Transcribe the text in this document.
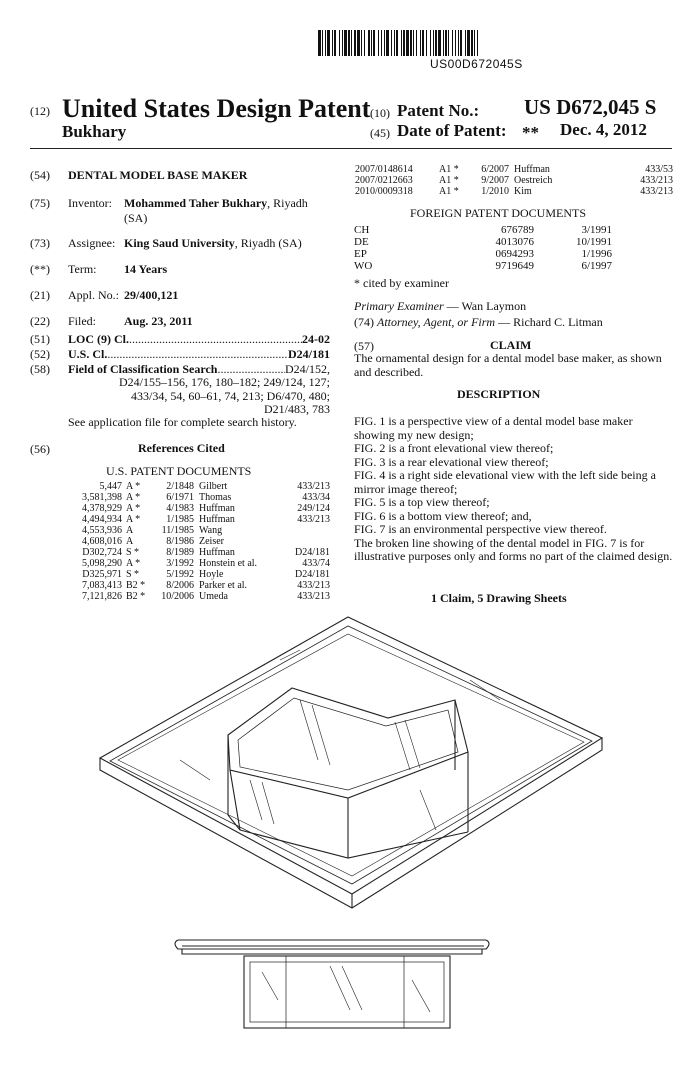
US00D672045S
(12) United States Design Patent
Bukhary
(10) Patent No.: US D672,045 S
(45) Date of Patent: ** Dec. 4, 2012
(54) DENTAL MODEL BASE MAKER
(75) Inventor: Mohammed Taher Bukhary, Riyadh
(SA)
(73) Assignee: King Saud University, Riyadh (SA)
(**) Term: 14 Years
(21) Appl. No.: 29/400,121
(22) Filed: Aug. 23, 2011
(51) LOC (9) Cl. .....	24-02
(52) U.S. Cl. .....	D24/181
(58) Field of Classification Search .....	D24/152,
D24/155–156, 176, 180–182; 249/124, 127;
433/34, 54, 60–61, 74, 213; D6/470, 480;
D21/483, 783
See application file for complete search history.
(56)	References Cited
U.S. PATENT DOCUMENTS
5,447 A *	2/1848 Gilbert	433/213
3,581,398 A *	6/1971 Thomas	433/34
4,378,929 A *	4/1983 Huffman	249/124
4,494,934 A *	1/1985 Huffman	433/213
4,553,936 A	11/1985 Wang
4,608,016 A	8/1986 Zeiser
D302,724 S *	8/1989 Huffman	D24/181
5,098,290 A *	3/1992 Honstein et al.	433/74
D325,971 S *	5/1992 Hoyle	D24/181
7,083,413 B2 *	8/2006 Parker et al.	433/213
7,121,826 B2 *	10/2006 Umeda	433/213
2007/0148614	A1 *	6/2007 Huffman	433/53
2007/0212663	A1 *	9/2007 Oestreich	433/213
2010/0009318	A1 *	1/2010 Kim	433/213
FOREIGN PATENT DOCUMENTS
CH	676789	3/1991
DE	4013076	10/1991
EP	0694293	1/1996
WO	9719649	6/1997
* cited by examiner
Primary Examiner — Wan Laymon
(74) Attorney, Agent, or Firm — Richard C. Litman
(57)	CLAIM
The ornamental design for a dental model base maker, as shown and described.
DESCRIPTION

FIG. 1 is a perspective view of a dental model base maker showing my new design;

FIG. 2 is a front elevational view thereof;

FIG. 3 is a rear elevational view thereof;

FIG. 4 is a right side elevational view with the left side being a mirror image thereof;

FIG. 5 is a top view thereof;

FIG. 6 is a bottom view thereof; and,

FIG. 7 is an environmental perspective view thereof.

The broken line showing of the dental model in FIG. 7 is for illustrative purposes only and forms no part of the claimed design.

1 Claim, 5 Drawing Sheets
